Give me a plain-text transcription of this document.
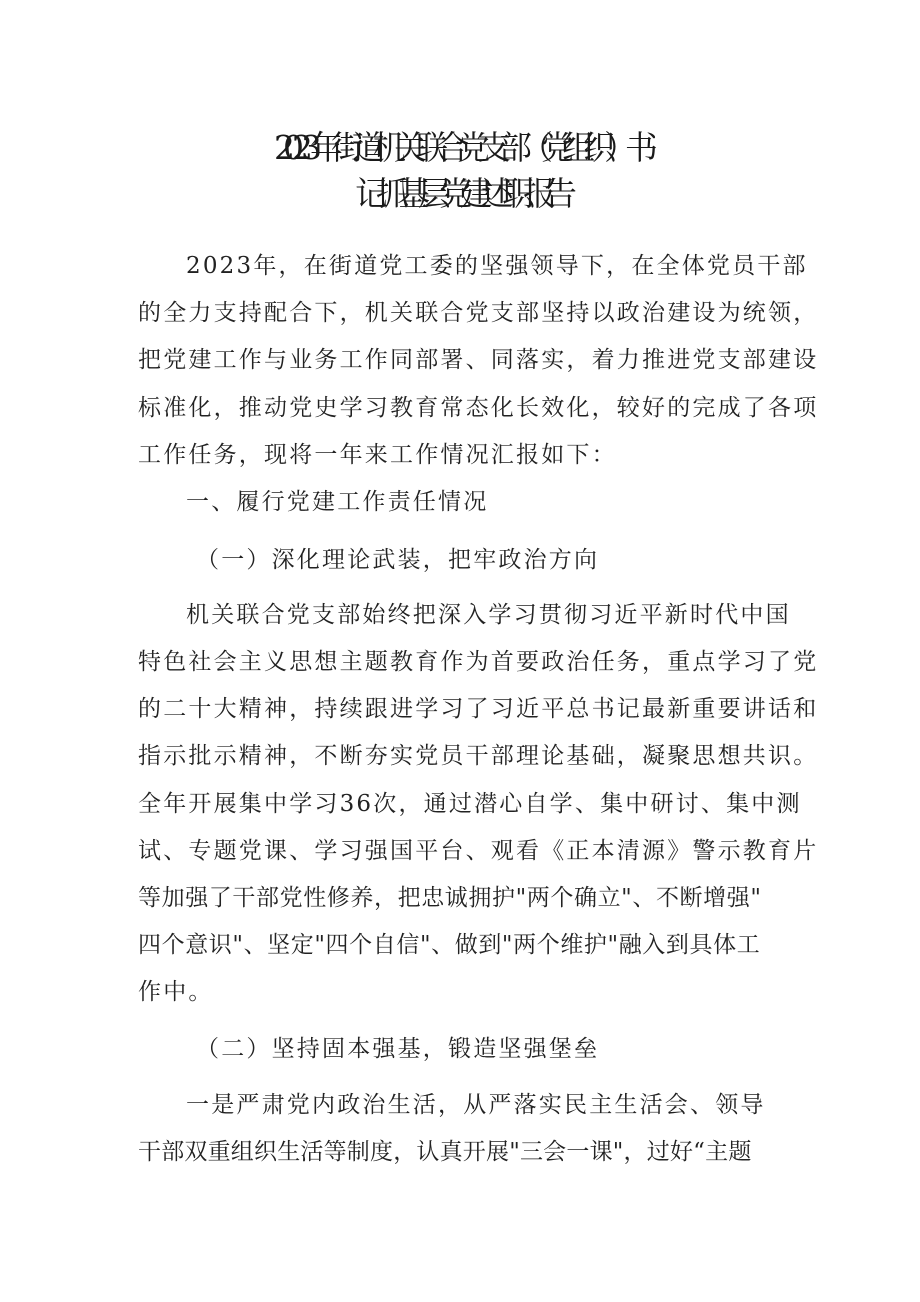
2023年街道机关联合党支部（党组织）书
记抓基层党建述职报告
2023年，在街道党工委的坚强领导下，在全体党员干部
的全力支持配合下，机关联合党支部坚持以政治建设为统领，
把党建工作与业务工作同部署、同落实，着力推进党支部建设
标准化，推动党史学习教育常态化长效化，较好的完成了各项
工作任务，现将一年来工作情况汇报如下：
一、履行党建工作责任情况
（一）深化理论武装，把牢政治方向
机关联合党支部始终把深入学习贯彻习近平新时代中国
特色社会主义思想主题教育作为首要政治任务，重点学习了党
的二十大精神，持续跟进学习了习近平总书记最新重要讲话和
指示批示精神，不断夯实党员干部理论基础，凝聚思想共识。
全年开展集中学习36次，通过潜心自学、集中研讨、集中测
试、专题党课、学习强国平台、观看《正本清源》警示教育片
等加强了干部党性修养，把忠诚拥护"两个确立"、不断增强"
四个意识"、坚定"四个自信"、做到"两个维护"融入到具体工
作中。
（二）坚持固本强基，锻造坚强堡垒
一是严肃党内政治生活，从严落实民主生活会、领导
干部双重组织生活等制度，认真开展"三会一课"，过好“主题
